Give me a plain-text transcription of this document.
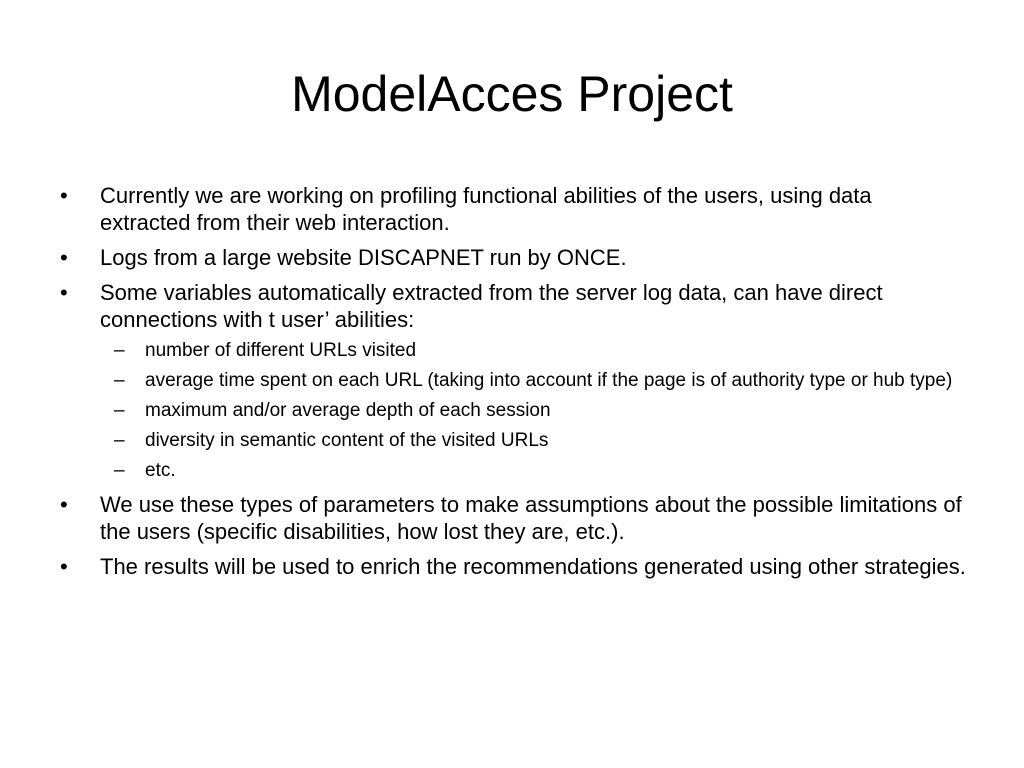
ModelAcces Project
•	Currently we are working on profiling functional abilities of the users, using data extracted from their web interaction.
•	Logs from a large website DISCAPNET run by ONCE.
•	Some variables automatically extracted from the server log data, can have direct connections with t user’ abilities:
–	number of different URLs visited
–	average time spent on each URL (taking into account if the page is of authority type or hub type)
–	maximum and/or average depth of each session
–	diversity in semantic content of the visited URLs
–	etc.
•	We use these types of parameters to make assumptions about the possible limitations of the users (specific disabilities, how lost they are, etc.).
•	The results will be used to enrich the recommendations generated using other strategies.
